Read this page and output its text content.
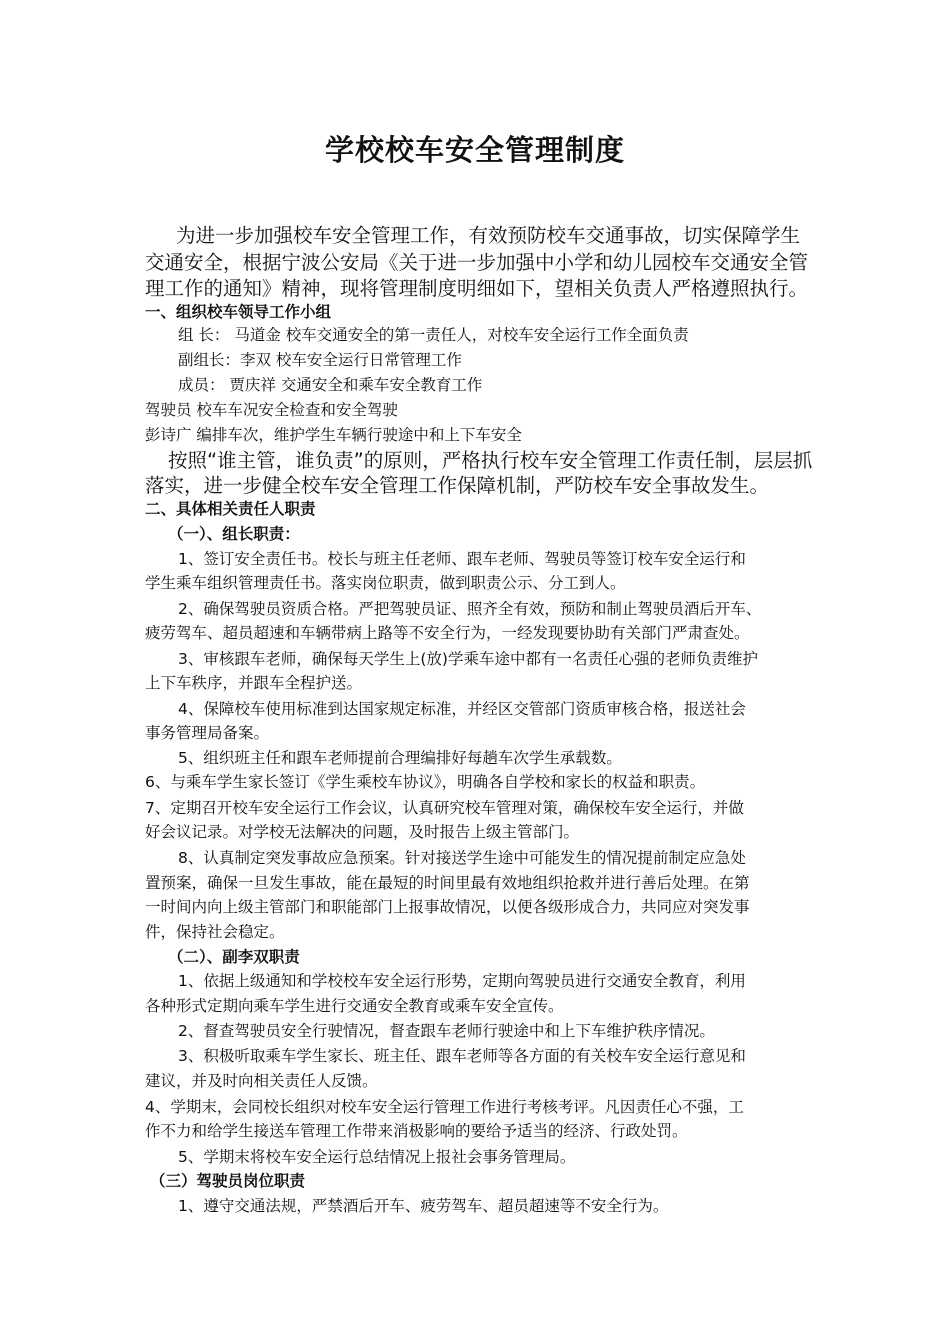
学校校车安全管理制度
为进一步加强校车安全管理工作，有效预防校车交通事故，切实保障学生
交通安全，根据宁波公安局《关于进一步加强中小学和幼儿园校车交通安全管
理工作的通知》精神，现将管理制度明细如下，望相关负责人严格遵照执行。
一、组织校车领导工作小组
组 长： 马道金 校车交通安全的第一责任人，对校车安全运行工作全面负责
副组长：李双 校车安全运行日常管理工作
成员： 贾庆祥 交通安全和乘车安全教育工作
驾驶员 校车车况安全检查和安全驾驶
彭诗广 编排车次，维护学生车辆行驶途中和上下车安全
按照“谁主管，谁负责”的原则，严格执行校车安全管理工作责任制，层层抓
落实，进一步健全校车安全管理工作保障机制，严防校车安全事故发生。
二、具体相关责任人职责
（一）、组长职责：
1、签订安全责任书。校长与班主任老师、跟车老师、驾驶员等签订校车安全运行和
学生乘车组织管理责任书。落实岗位职责，做到职责公示、分工到人。
2、确保驾驶员资质合格。严把驾驶员证、照齐全有效，预防和制止驾驶员酒后开车、
疲劳驾车、超员超速和车辆带病上路等不安全行为，一经发现要协助有关部门严肃查处。
3、审核跟车老师，确保每天学生上(放)学乘车途中都有一名责任心强的老师负责维护
上下车秩序，并跟车全程护送。
4、保障校车使用标准到达国家规定标准，并经区交管部门资质审核合格，报送社会
事务管理局备案。
5、组织班主任和跟车老师提前合理编排好每趟车次学生承载数。
6、与乘车学生家长签订《学生乘校车协议》，明确各自学校和家长的权益和职责。
7、定期召开校车安全运行工作会议，认真研究校车管理对策，确保校车安全运行，并做
好会议记录。对学校无法解决的问题，及时报告上级主管部门。
8、认真制定突发事故应急预案。针对接送学生途中可能发生的情况提前制定应急处
置预案，确保一旦发生事故，能在最短的时间里最有效地组织抢救并进行善后处理。在第
一时间内向上级主管部门和职能部门上报事故情况，以便各级形成合力，共同应对突发事
件，保持社会稳定。
（二）、副李双职责
1、依据上级通知和学校校车安全运行形势，定期向驾驶员进行交通安全教育，利用
各种形式定期向乘车学生进行交通安全教育或乘车安全宣传。
2、督查驾驶员安全行驶情况，督查跟车老师行驶途中和上下车维护秩序情况。
3、积极听取乘车学生家长、班主任、跟车老师等各方面的有关校车安全运行意见和
建议，并及时向相关责任人反馈。
4、学期末，会同校长组织对校车安全运行管理工作进行考核考评。凡因责任心不强，工
作不力和给学生接送车管理工作带来消极影响的要给予适当的经济、行政处罚。
5、学期末将校车安全运行总结情况上报社会事务管理局。
（三）驾驶员岗位职责
1、遵守交通法规，严禁酒后开车、疲劳驾车、超员超速等不安全行为。
